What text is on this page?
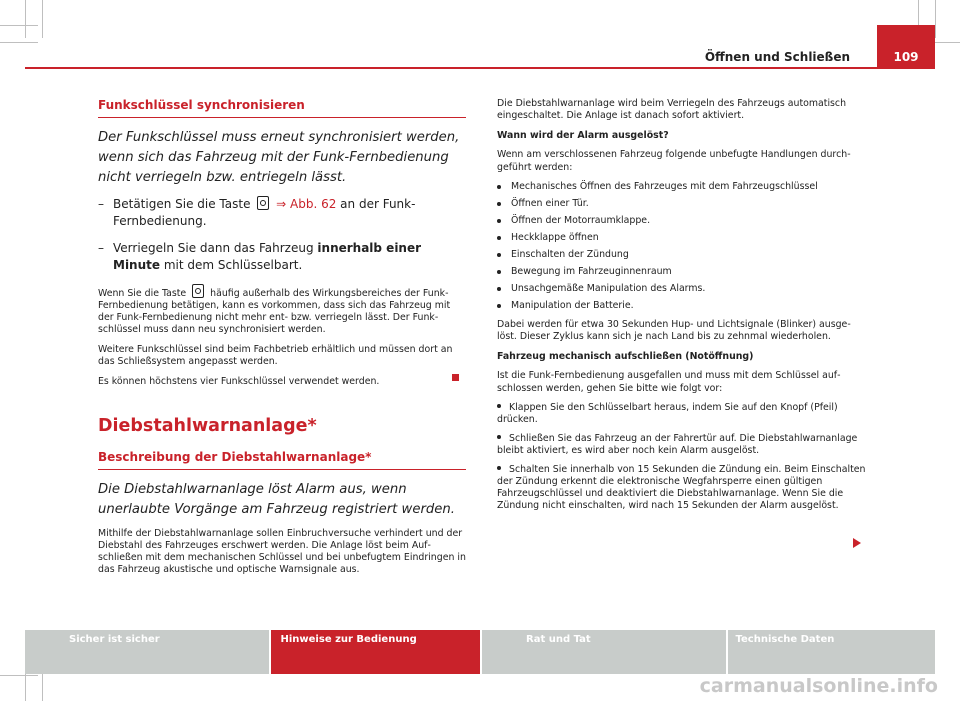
Öffnen und Schließen	109
Funkschlüssel synchronisieren

Der Funkschlüssel muss erneut synchronisiert werden, wenn sich das Fahrzeug mit der Funk-Fernbedienung nicht verriegeln bzw. entriegeln lässt.

– Betätigen Sie die Taste ⇒ Abb. 62 an der Funk-Fernbedienung.
– Verriegeln Sie dann das Fahrzeug innerhalb einer Minute mit dem Schlüsselbart.

Wenn Sie die Taste	häufig außerhalb des Wirkungsbereiches der Funk-Fernbedienung betätigen, kann es vorkommen, dass sich das Fahrzeug mit der Funk-Fernbedienung nicht mehr ent- bzw. verriegeln lässt. Der Funkschlüssel muss dann neu synchronisiert werden.

Weitere Funkschlüssel sind beim Fachbetrieb erhältlich und müssen dort an das Schließsystem angepasst werden.

Es können höchstens vier Funkschlüssel verwendet werden.

Diebstahlwarnanlage*
Beschreibung der Diebstahlwarnanlage*

Die Diebstahlwarnanlage löst Alarm aus, wenn unerlaubte Vorgänge am Fahrzeug registriert werden.

Mithilfe der Diebstahlwarnanlage sollen Einbruchversuche verhindert und der Diebstahl des Fahrzeuges erschwert werden. Die Anlage löst beim Aufschließen mit dem mechanischen Schlüssel und bei unbefugtem Eindringen in das Fahrzeug akustische und optische Warnsignale aus.

Die Diebstahlwarnanlage wird beim Verriegeln des Fahrzeugs automatisch eingeschaltet. Die Anlage ist danach sofort aktiviert.

Wann wird der Alarm ausgelöst?

Wenn am verschlossenen Fahrzeug folgende unbefugte Handlungen durchgeführt werden:

Mechanisches Öffnen des Fahrzeuges mit dem Fahrzeugschlüssel
Öffnen einer Tür.
Öffnen der Motorraumklappe.
Heckklappe öffnen
Einschalten der Zündung
Bewegung im Fahrzeuginnenraum
Unsachgemäße Manipulation des Alarms.
Manipulation der Batterie.

Dabei werden für etwa 30 Sekunden Hup- und Lichtsignale (Blinker) ausgelöst. Dieser Zyklus kann sich je nach Land bis zu zehnmal wiederholen.

Fahrzeug mechanisch aufschließen (Notöffnung)

Ist die Funk-Fernbedienung ausgefallen und muss mit dem Schlüssel aufschlossen werden, gehen Sie bitte wie folgt vor:

Klappen Sie den Schlüsselbart heraus, indem Sie auf den Knopf (Pfeil) drücken.

Schließen Sie das Fahrzeug an der Fahrertür auf. Die Diebstahlwarnanlage bleibt aktiviert, es wird aber noch kein Alarm ausgelöst.

Schalten Sie innerhalb von 15 Sekunden die Zündung ein. Beim Einschalten der Zündung erkennt die elektronische Wegfahrsperre einen gültigen Fahrzeugschlüssel und deaktiviert die Diebstahlwarnanlage. Wenn Sie die Zündung nicht einschalten, wird nach 15 Sekunden der Alarm ausgelöst.

Sicher ist sicher	Hinweise zur Bedienung	Rat und Tat	Technische Daten
carmanualsonline.info
